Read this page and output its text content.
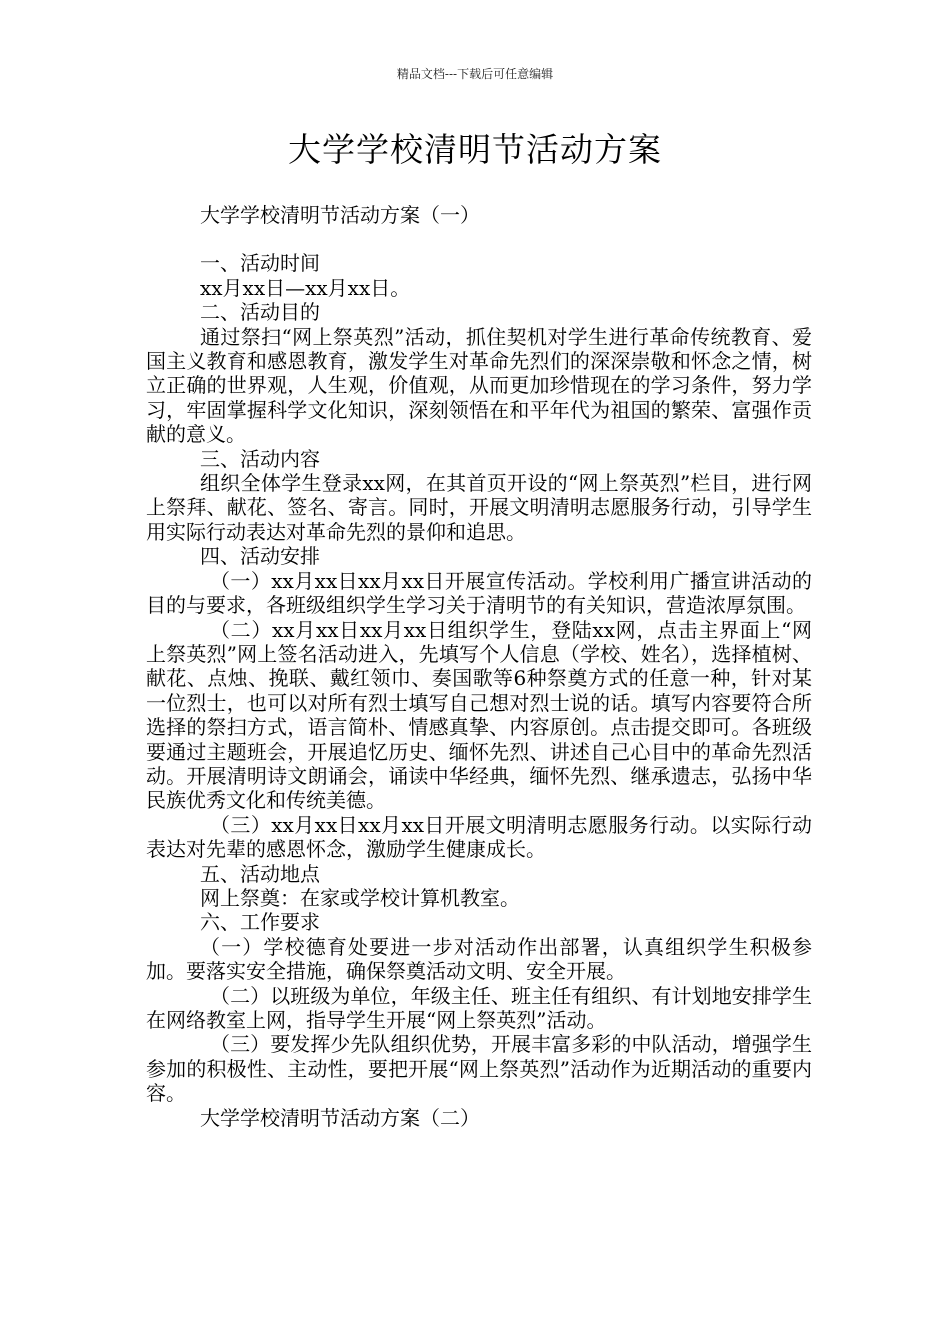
精品文档---下载后可任意编辑
大学学校清明节活动方案

大学学校清明节活动方案（一）

一、活动时间

xx月xx日—xx月xx日。

二、活动目的

通过祭扫“网上祭英烈”活动，抓住契机对学生进行革命传统教育、爱国主义教育和感恩教育，激发学生对革命先烈们的深深崇敬和怀念之情，树立正确的世界观，人生观，价值观，从而更加珍惜现在的学习条件，努力学习，牢固掌握科学文化知识，深刻领悟在和平年代为祖国的繁荣、富强作贡献的意义。

三、活动内容

组织全体学生登录xx网，在其首页开设的“网上祭英烈”栏目，进行网上祭拜、献花、签名、寄言。同时，开展文明清明志愿服务行动，引导学生用实际行动表达对革命先烈的景仰和追思。

四、活动安排

（一）xx月xx日xx月xx日开展宣传活动。学校利用广播宣讲活动的目的与要求，各班级组织学生学习关于清明节的有关知识，营造浓厚氛围。

（二）xx月xx日xx月xx日组织学生，登陆xx网，点击主界面上“网上祭英烈”网上签名活动进入，先填写个人信息（学校、姓名），选择植树、献花、点烛、挽联、戴红领巾、奏国歌等6种祭奠方式的任意一种，针对某一位烈士，也可以对所有烈士填写自己想对烈士说的话。填写内容要符合所选择的祭扫方式，语言简朴、情感真挚、内容原创。点击提交即可。各班级要通过主题班会，开展追忆历史、缅怀先烈、讲述自己心目中的革命先烈活动。开展清明诗文朗诵会，诵读中华经典，缅怀先烈、继承遗志，弘扬中华民族优秀文化和传统美德。

（三）xx月xx日xx月xx日开展文明清明志愿服务行动。以实际行动表达对先辈的感恩怀念，激励学生健康成长。

五、活动地点

网上祭奠：在家或学校计算机教室。

六、工作要求

（一）学校德育处要进一步对活动作出部署，认真组织学生积极参加。要落实安全措施，确保祭奠活动文明、安全开展。

（二）以班级为单位，年级主任、班主任有组织、有计划地安排学生在网络教室上网，指导学生开展“网上祭英烈”活动。

（三）要发挥少先队组织优势，开展丰富多彩的中队活动，增强学生参加的积极性、主动性，要把开展“网上祭英烈”活动作为近期活动的重要内容。

大学学校清明节活动方案（二）
